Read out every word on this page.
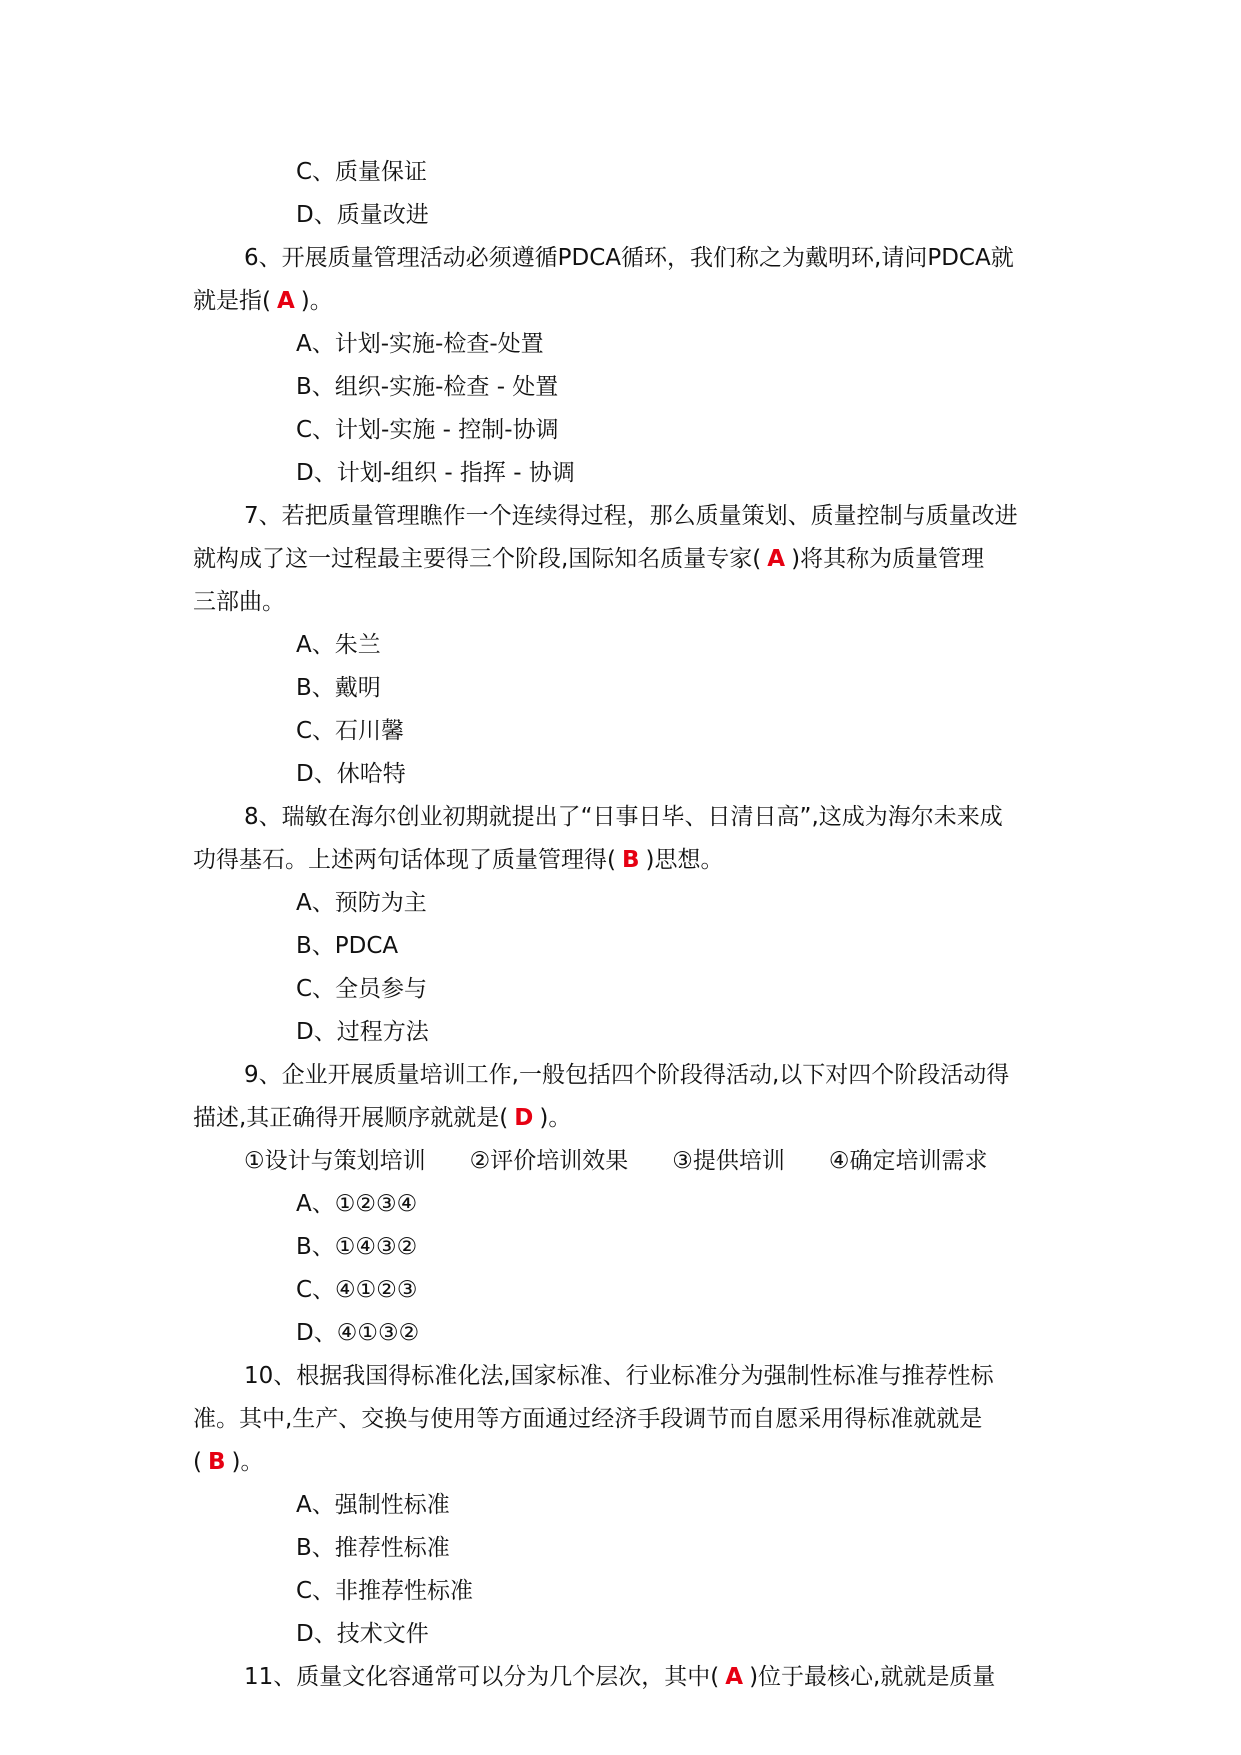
C、质量保证
D、质量改进
6、开展质量管理活动必须遵循PDCA循环，我们称之为戴明环,请问PDCA就
就是指( A )。
A、计划-实施-检查-处置
B、组织-实施-检查 - 处置
C、计划-实施 - 控制-协调
D、计划-组织 - 指挥 - 协调
7、若把质量管理瞧作一个连续得过程，那么质量策划、质量控制与质量改进
就构成了这一过程最主要得三个阶段,国际知名质量专家( A )将其称为质量管理
三部曲。
A、朱兰
B、戴明
C、石川馨
D、休哈特
8、瑞敏在海尔创业初期就提出了“日事日毕、日清日高”,这成为海尔未来成
功得基石。上述两句话体现了质量管理得( B )思想。
A、预防为主
B、PDCA
C、全员参与
D、过程方法
9、企业开展质量培训工作,一般包括四个阶段得活动,以下对四个阶段活动得
描述,其正确得开展顺序就就是( D )。
①设计与策划培训 ②评价培训效果 ③提供培训 ④确定培训需求
A、①②③④
B、①④③②
C、④①②③
D、④①③②
10、根据我国得标准化法,国家标准、行业标准分为强制性标准与推荐性标
准。其中,生产、交换与使用等方面通过经济手段调节而自愿采用得标准就就是
( B )。
A、强制性标准
B、推荐性标准
C、非推荐性标准
D、技术文件
11、质量文化容通常可以分为几个层次，其中( A )位于最核心,就就是质量
